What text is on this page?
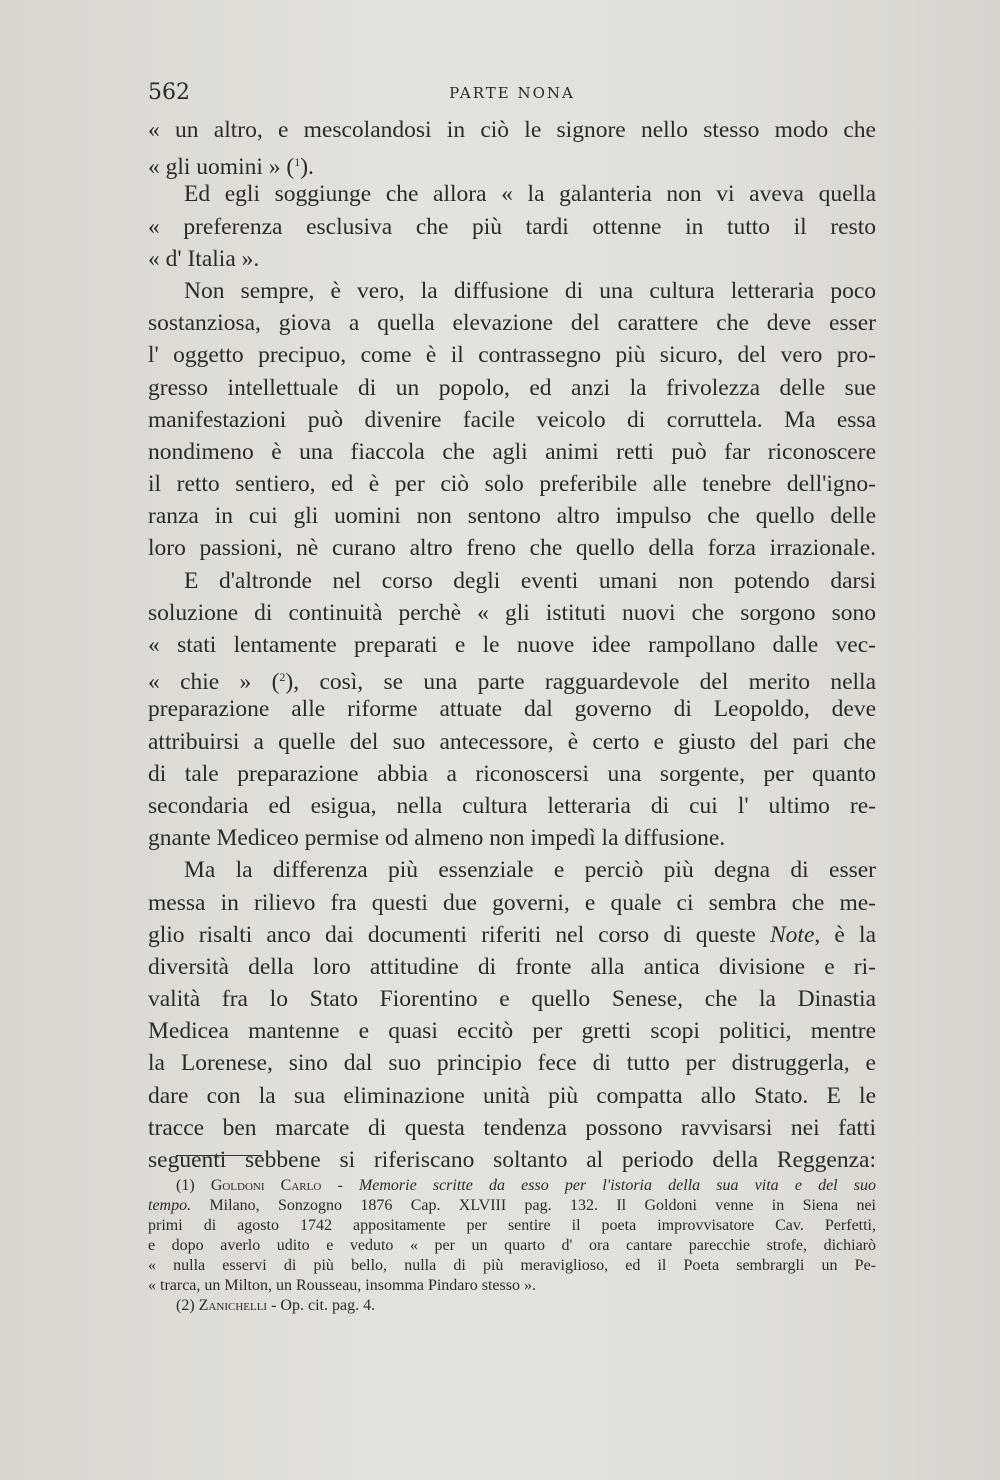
562	PARTE NONA
« un altro, e mescolandosi in ciò le signore nello stesso modo che
« gli uomini » ($^1$).
Ed egli soggiunge che allora « la galanteria non vi aveva quella
« preferenza esclusiva che più tardi ottenne in tutto il resto
« d' Italia ».
Non sempre, è vero, la diffusione di una cultura letteraria poco
sostanziosa, giova a quella elevazione del carattere che deve esser
l' oggetto precipuo, come è il contrassegno più sicuro, del vero pro-
gresso intellettuale di un popolo, ed anzi la frivolezza delle sue
manifestazioni può divenire facile veicolo di corruttela. Ma essa
nondimeno è una fiaccola che agli animi retti può far riconoscere
il retto sentiero, ed è per ciò solo preferibile alle tenebre dell'igno-
ranza in cui gli uomini non sentono altro impulso che quello delle
loro passioni, nè curano altro freno che quello della forza irrazionale.
E d'altronde nel corso degli eventi umani non potendo darsi
soluzione di continuità perchè « gli istituti nuovi che sorgono sono
« stati lentamente preparati e le nuove idee rampollano dalle vec-
« chie » ($^2$), così, se una parte ragguardevole del merito nella
preparazione alle riforme attuate dal governo di Leopoldo, deve
attribuirsi a quelle del suo antecessore, è certo e giusto del pari che
di tale preparazione abbia a riconoscersi una sorgente, per quanto
secondaria ed esigua, nella cultura letteraria di cui l' ultimo re-
gnante Mediceo permise od almeno non impedì la diffusione.
Ma la differenza più essenziale e perciò più degna di esser
messa in rilievo fra questi due governi, e quale ci sembra che me-
glio risalti anco dai documenti riferiti nel corso di queste Note, è la
diversità della loro attitudine di fronte alla antica divisione e ri-
valità fra lo Stato Fiorentino e quello Senese, che la Dinastia
Medicea mantenne e quasi eccitò per gretti scopi politici, mentre
la Lorenese, sino dal suo principio fece di tutto per distruggerla, e
dare con la sua eliminazione unità più compatta allo Stato. E le
tracce ben marcate di questa tendenza possono ravvisarsi nei fatti
seguenti sebbene si riferiscano soltanto al periodo della Reggenza:
(1) Goldoni Carlo - Memorie scritte da esso per l'istoria della sua vita e del suo
tempo. Milano, Sonzogno 1876 Cap. XLVIII pag. 132. Il Goldoni venne in Siena nei
primi di agosto 1742 appositamente per sentire il poeta improvvisatore Cav. Perfetti,
e dopo averlo udito e veduto « per un quarto d' ora cantare parecchie strofe, dichiarò
« nulla esservi di più bello, nulla di più meraviglioso, ed il Poeta sembrargli un Pe-
« trarca, un Milton, un Rousseau, insomma Pindaro stesso ».
(2) Zanichelli - Op. cit. pag. 4.
